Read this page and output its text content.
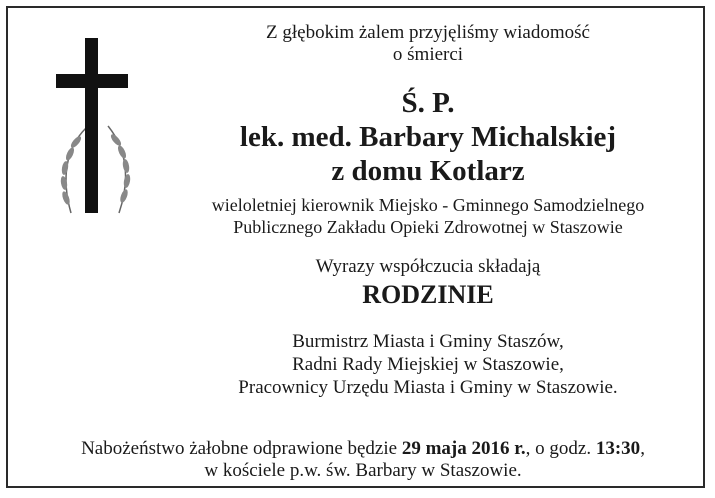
Z głębokim żalem przyjęliśmy wiadomość
o śmierci
Ś. P.
lek. med. Barbary Michalskiej
z domu Kotlarz
wieloletniej kierownik Miejsko - Gminnego Samodzielnego
Publicznego Zakładu Opieki Zdrowotnej w Staszowie
Wyrazy współczucia składają
RODZINIE
Burmistrz Miasta i Gminy Staszów,
Radni Rady Miejskiej w Staszowie,
Pracownicy Urzędu Miasta i Gminy w Staszowie.
Nabożeństwo żałobne odprawione będzie 29 maja 2016 r., o godz. 13:30,
w kościele p.w. św. Barbary w Staszowie.
